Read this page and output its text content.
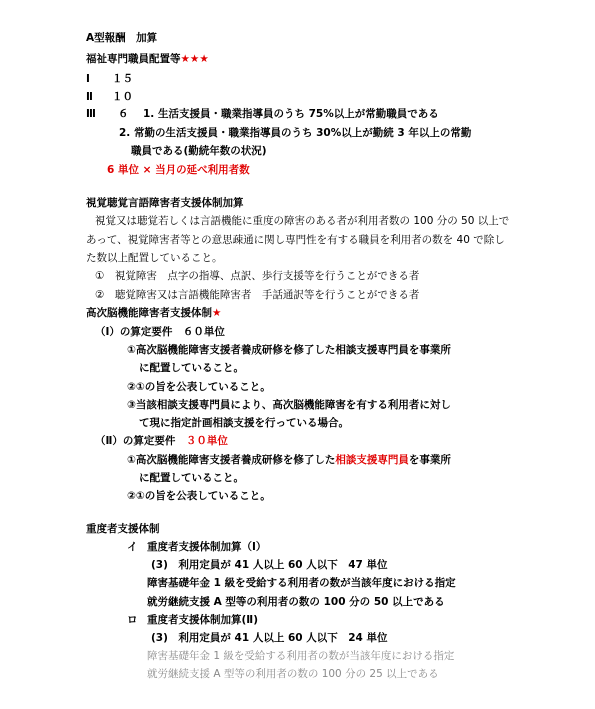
A型報酬　加算
福祉専門職員配置等★★★
Ⅰ １５
Ⅱ １０
Ⅲ ６ 1. 生活支援員・職業指導員のうち 75%以上が常勤職員である
2. 常勤の生活支援員・職業指導員のうち 30%以上が勤続 3 年以上の常勤
職員である(勤続年数の状況)
6 単位 × 当月の延べ利用者数
視覚聴覚言語障害者支援体制加算
視覚又は聴覚若しくは言語機能に重度の障害のある者が利用者数の 100 分の 50 以上で
あって、視覚障害者等との意思疎通に関し専門性を有する職員を利用者の数を 40 で除し
た数以上配置していること。
①　視覚障害　点字の指導、点訳、歩行支援等を行うことができる者
②　聴覚障害又は言語機能障害者　手話通訳等を行うことができる者
高次脳機能障害者支援体制★
（Ⅰ）の算定要件　６０単位
①高次脳機能障害支援者養成研修を修了した相談支援専門員を事業所
に配置していること。
②①の旨を公表していること。
③当該相談支援専門員により、高次脳機能障害を有する利用者に対し
て現に指定計画相談支援を行っている場合。
（Ⅱ）の算定要件　 ３０単位
①高次脳機能障害支援者養成研修を修了した相談支援専門員を事業所
に配置していること。
②①の旨を公表していること。
重度者支援体制
イ 重度者支援体制加算（Ⅰ）
(3)　利用定員が 41 人以上 60 人以下　47 単位
障害基礎年金 1 級を受給する利用者の数が当該年度における指定
就労継続支援 A 型等の利用者の数の 100 分の 50 以上である
ロ 重度者支援体制加算(Ⅱ)
(3)　利用定員が 41 人以上 60 人以下　24 単位
障害基礎年金 1 級を受給する利用者の数が当該年度における指定
就労継続支援 A 型等の利用者の数の 100 分の 25 以上である
